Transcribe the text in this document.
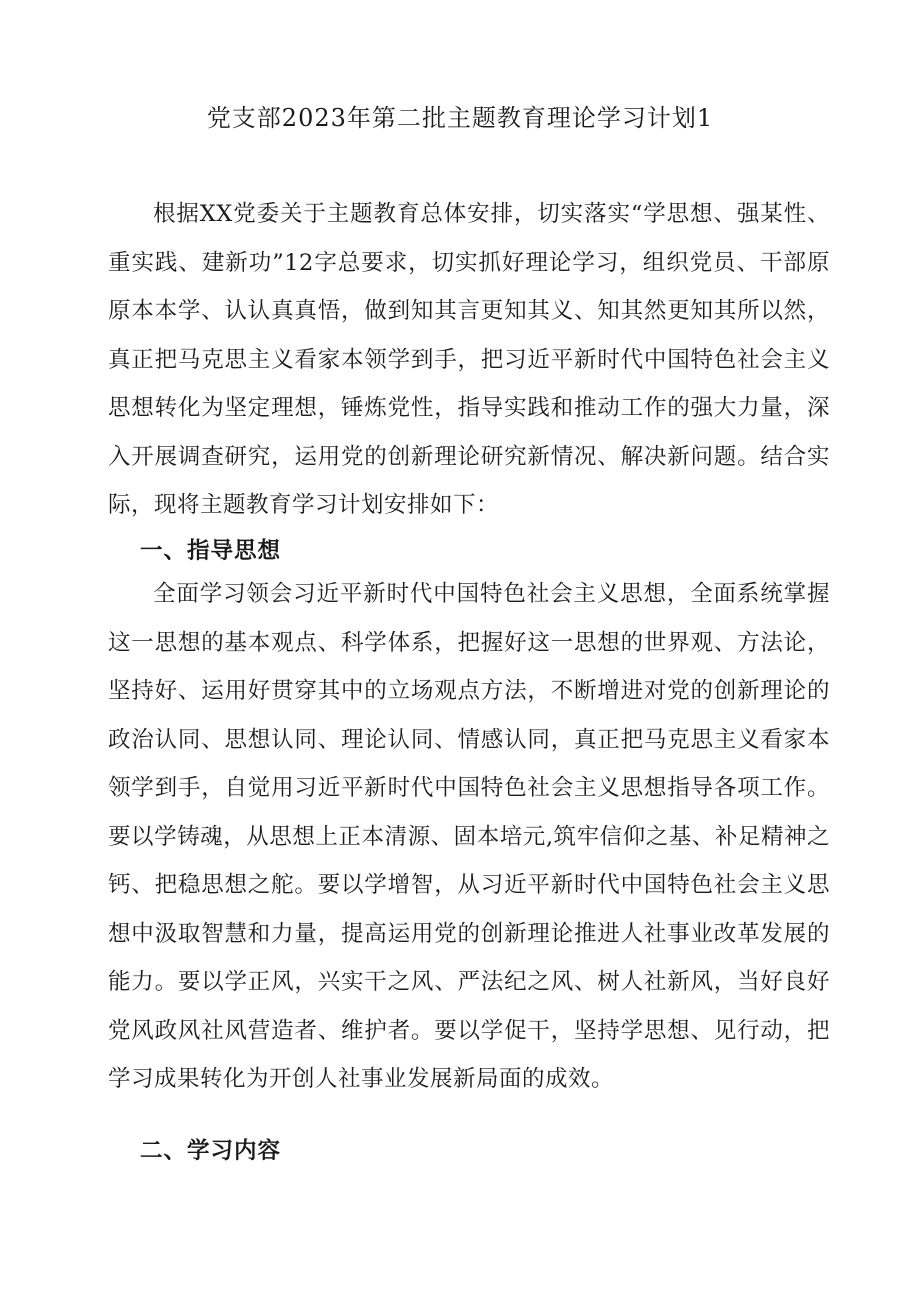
党支部2023年第二批主题教育理论学习计划1

根据XX党委关于主题教育总体安排，切实落实“学思想、强某性、重实践、建新功”12字总要求，切实抓好理论学习，组织党员、干部原原本本学、认认真真悟，做到知其言更知其义、知其然更知其所以然，真正把马克思主义看家本领学到手，把习近平新时代中国特色社会主义思想转化为坚定理想，锤炼党性，指导实践和推动工作的强大力量，深入开展调查研究，运用党的创新理论研究新情况、解决新问题。结合实际，现将主题教育学习计划安排如下：

一、指导思想

全面学习领会习近平新时代中国特色社会主义思想，全面系统掌握这一思想的基本观点、科学体系，把握好这一思想的世界观、方法论，坚持好、运用好贯穿其中的立场观点方法，不断增进对党的创新理论的政治认同、思想认同、理论认同、情感认同，真正把马克思主义看家本领学到手，自觉用习近平新时代中国特色社会主义思想指导各项工作。要以学铸魂，从思想上正本清源、固本培元,筑牢信仰之基、补足精神之钙、把稳思想之舵。要以学增智，从习近平新时代中国特色社会主义思想中汲取智慧和力量，提高运用党的创新理论推进人社事业改革发展的能力。要以学正风，兴实干之风、严法纪之风、树人社新风，当好良好党风政风社风营造者、维护者。要以学促干，坚持学思想、见行动，把学习成果转化为开创人社事业发展新局面的成效。

二、学习内容
